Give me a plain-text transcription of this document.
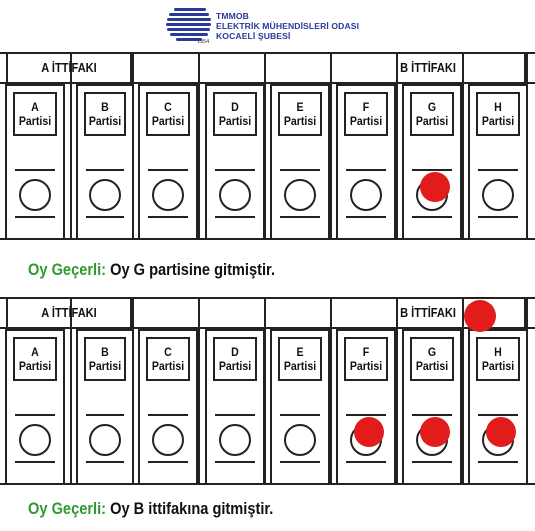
TMMOB
ELEKTRİK MÜHENDİSLERİ ODASI
KOCAELİ ŞUBESİ
1954
A İTTİFAKI	B İTTİFAKI
A
Partisi
B
Partisi
C
Partisi
D
Partisi
E
Partisi
F
Partisi
G
Partisi
H
Partisi
Oy Geçerli: Oy G partisine gitmiştir.
A İTTİFAKI	B İTTİFAKI
A
Partisi
B
Partisi
C
Partisi
D
Partisi
E
Partisi
F
Partisi
G
Partisi
H
Partisi
Oy Geçerli: Oy B ittifakına gitmiştir.
